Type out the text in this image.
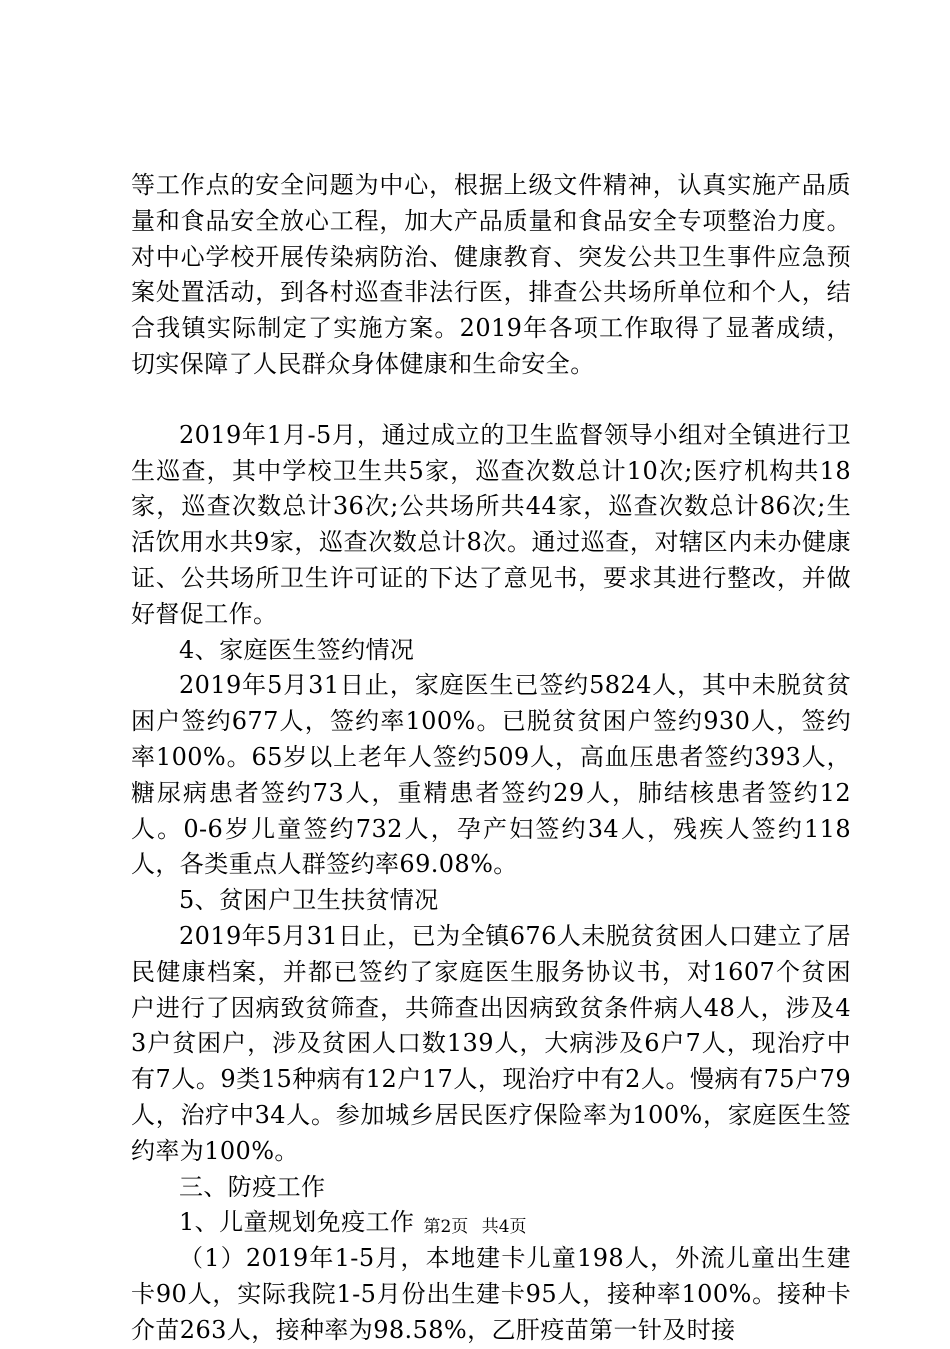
等工作点的安全问题为中心，根据上级文件精神，认真实施产品质量和食品安全放心工程，加大产品质量和食品安全专项整治力度。对中心学校开展传染病防治、健康教育、突发公共卫生事件应急预案处置活动，到各村巡查非法行医，排查公共场所单位和个人，结合我镇实际制定了实施方案。2019年各项工作取得了显著成绩，切实保障了人民群众身体健康和生命安全。

2019年1月-5月，通过成立的卫生监督领导小组对全镇进行卫生巡查，其中学校卫生共5家，巡查次数总计10次;医疗机构共18家，巡查次数总计36次;公共场所共44家，巡查次数总计86次;生活饮用水共9家，巡查次数总计8次。通过巡查，对辖区内未办健康证、公共场所卫生许可证的下达了意见书，要求其进行整改，并做好督促工作。

4、家庭医生签约情况

2019年5月31日止，家庭医生已签约5824人，其中未脱贫贫困户签约677人，签约率100%。已脱贫贫困户签约930人，签约率100%。65岁以上老年人签约509人，高血压患者签约393人，糖尿病患者签约73人，重精患者签约29人，肺结核患者签约12人。0-6岁儿童签约732人，孕产妇签约34人，残疾人签约118人，各类重点人群签约率69.08%。

5、贫困户卫生扶贫情况

2019年5月31日止，已为全镇676人未脱贫贫困人口建立了居民健康档案，并都已签约了家庭医生服务协议书，对1607个贫困户进行了因病致贫筛查，共筛查出因病致贫条件病人48人，涉及43户贫困户，涉及贫困人口数139人，大病涉及6户7人，现治疗中有7人。9类15种病有12户17人，现治疗中有2人。慢病有75户79人，治疗中34人。参加城乡居民医疗保险率为100%，家庭医生签约率为100%。

三、防疫工作

1、儿童规划免疫工作

（1）2019年1-5月，本地建卡儿童198人，外流儿童出生建卡90人，实际我院1-5月份出生建卡95人，接种率100%。接种卡介苗263人，接种率为98.58%，乙肝疫苗第一针及时接

第2页 共4页
